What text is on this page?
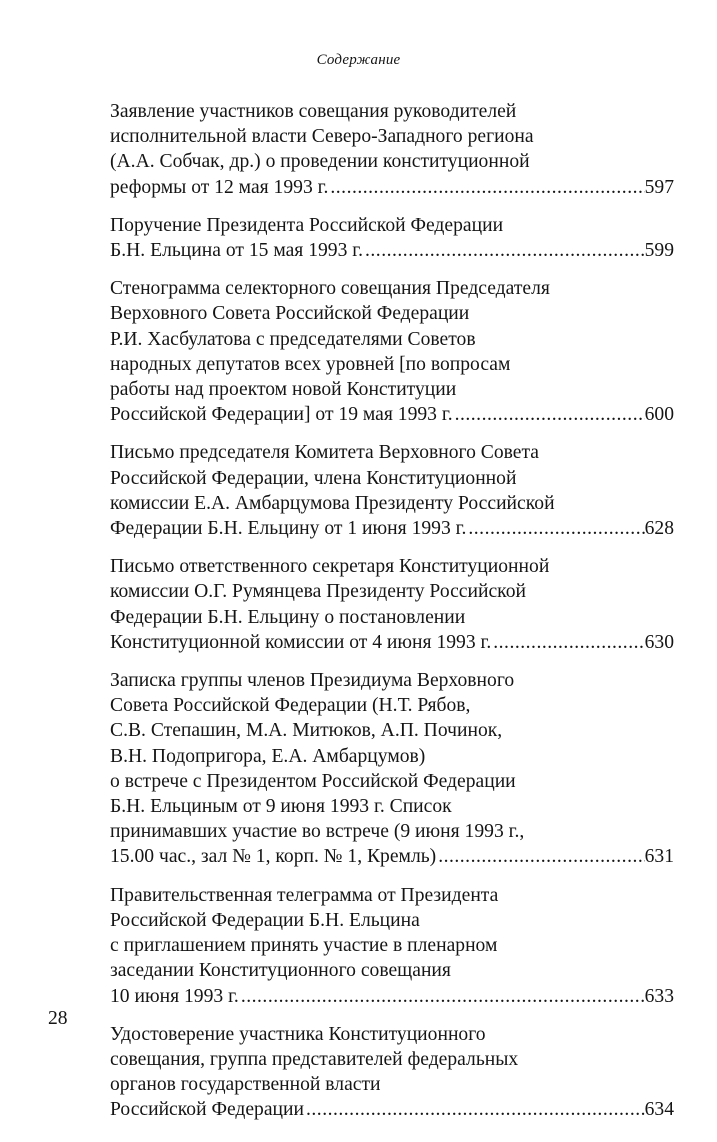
Содержание
Заявление участников совещания руководителей
исполнительной власти Северо-Западного региона
(А.А. Собчак, др.) о проведении конституционной
реформы от 12 мая 1993 г. . . .	597
Поручение Президента Российской Федерации
Б.Н. Ельцина от 15 мая 1993 г. . . .	599
Стенограмма селекторного совещания Председателя
Верховного Совета Российской Федерации
Р.И. Хасбулатова с председателями Советов
народных депутатов всех уровней [по вопросам
работы над проектом новой Конституции
Российской Федерации] от 19 мая 1993 г. . . .	600
Письмо председателя Комитета Верховного Совета
Российской Федерации, члена Конституционной
комиссии Е.А. Амбарцумова Президенту Российской
Федерации Б.Н. Ельцину от 1 июня 1993 г. . . .	628
Письмо ответственного секретаря Конституционной
комиссии О.Г. Румянцева Президенту Российской
Федерации Б.Н. Ельцину о постановлении
Конституционной комиссии от 4 июня 1993 г. . . .	630
Записка группы членов Президиума Верховного
Совета Российской Федерации (Н.Т. Рябов,
С.В. Степашин, М.А. Митюков, А.П. Починок,
В.Н. Подопригора, Е.А. Амбарцумов)
о встрече с Президентом Российской Федерации
Б.Н. Ельциным от 9 июня 1993 г. Список
принимавших участие во встрече (9 июня 1993 г.,
15.00 час., зал № 1, корп. № 1, Кремль) . . .	631
Правительственная телеграмма от Президента
Российской Федерации Б.Н. Ельцина
с приглашением принять участие в пленарном
заседании Конституционного совещания
10 июня 1993 г. . . .	633
Удостоверение участника Конституционного
совещания, группа представителей федеральных
органов государственной власти
Российской Федерации . . .	634
28
